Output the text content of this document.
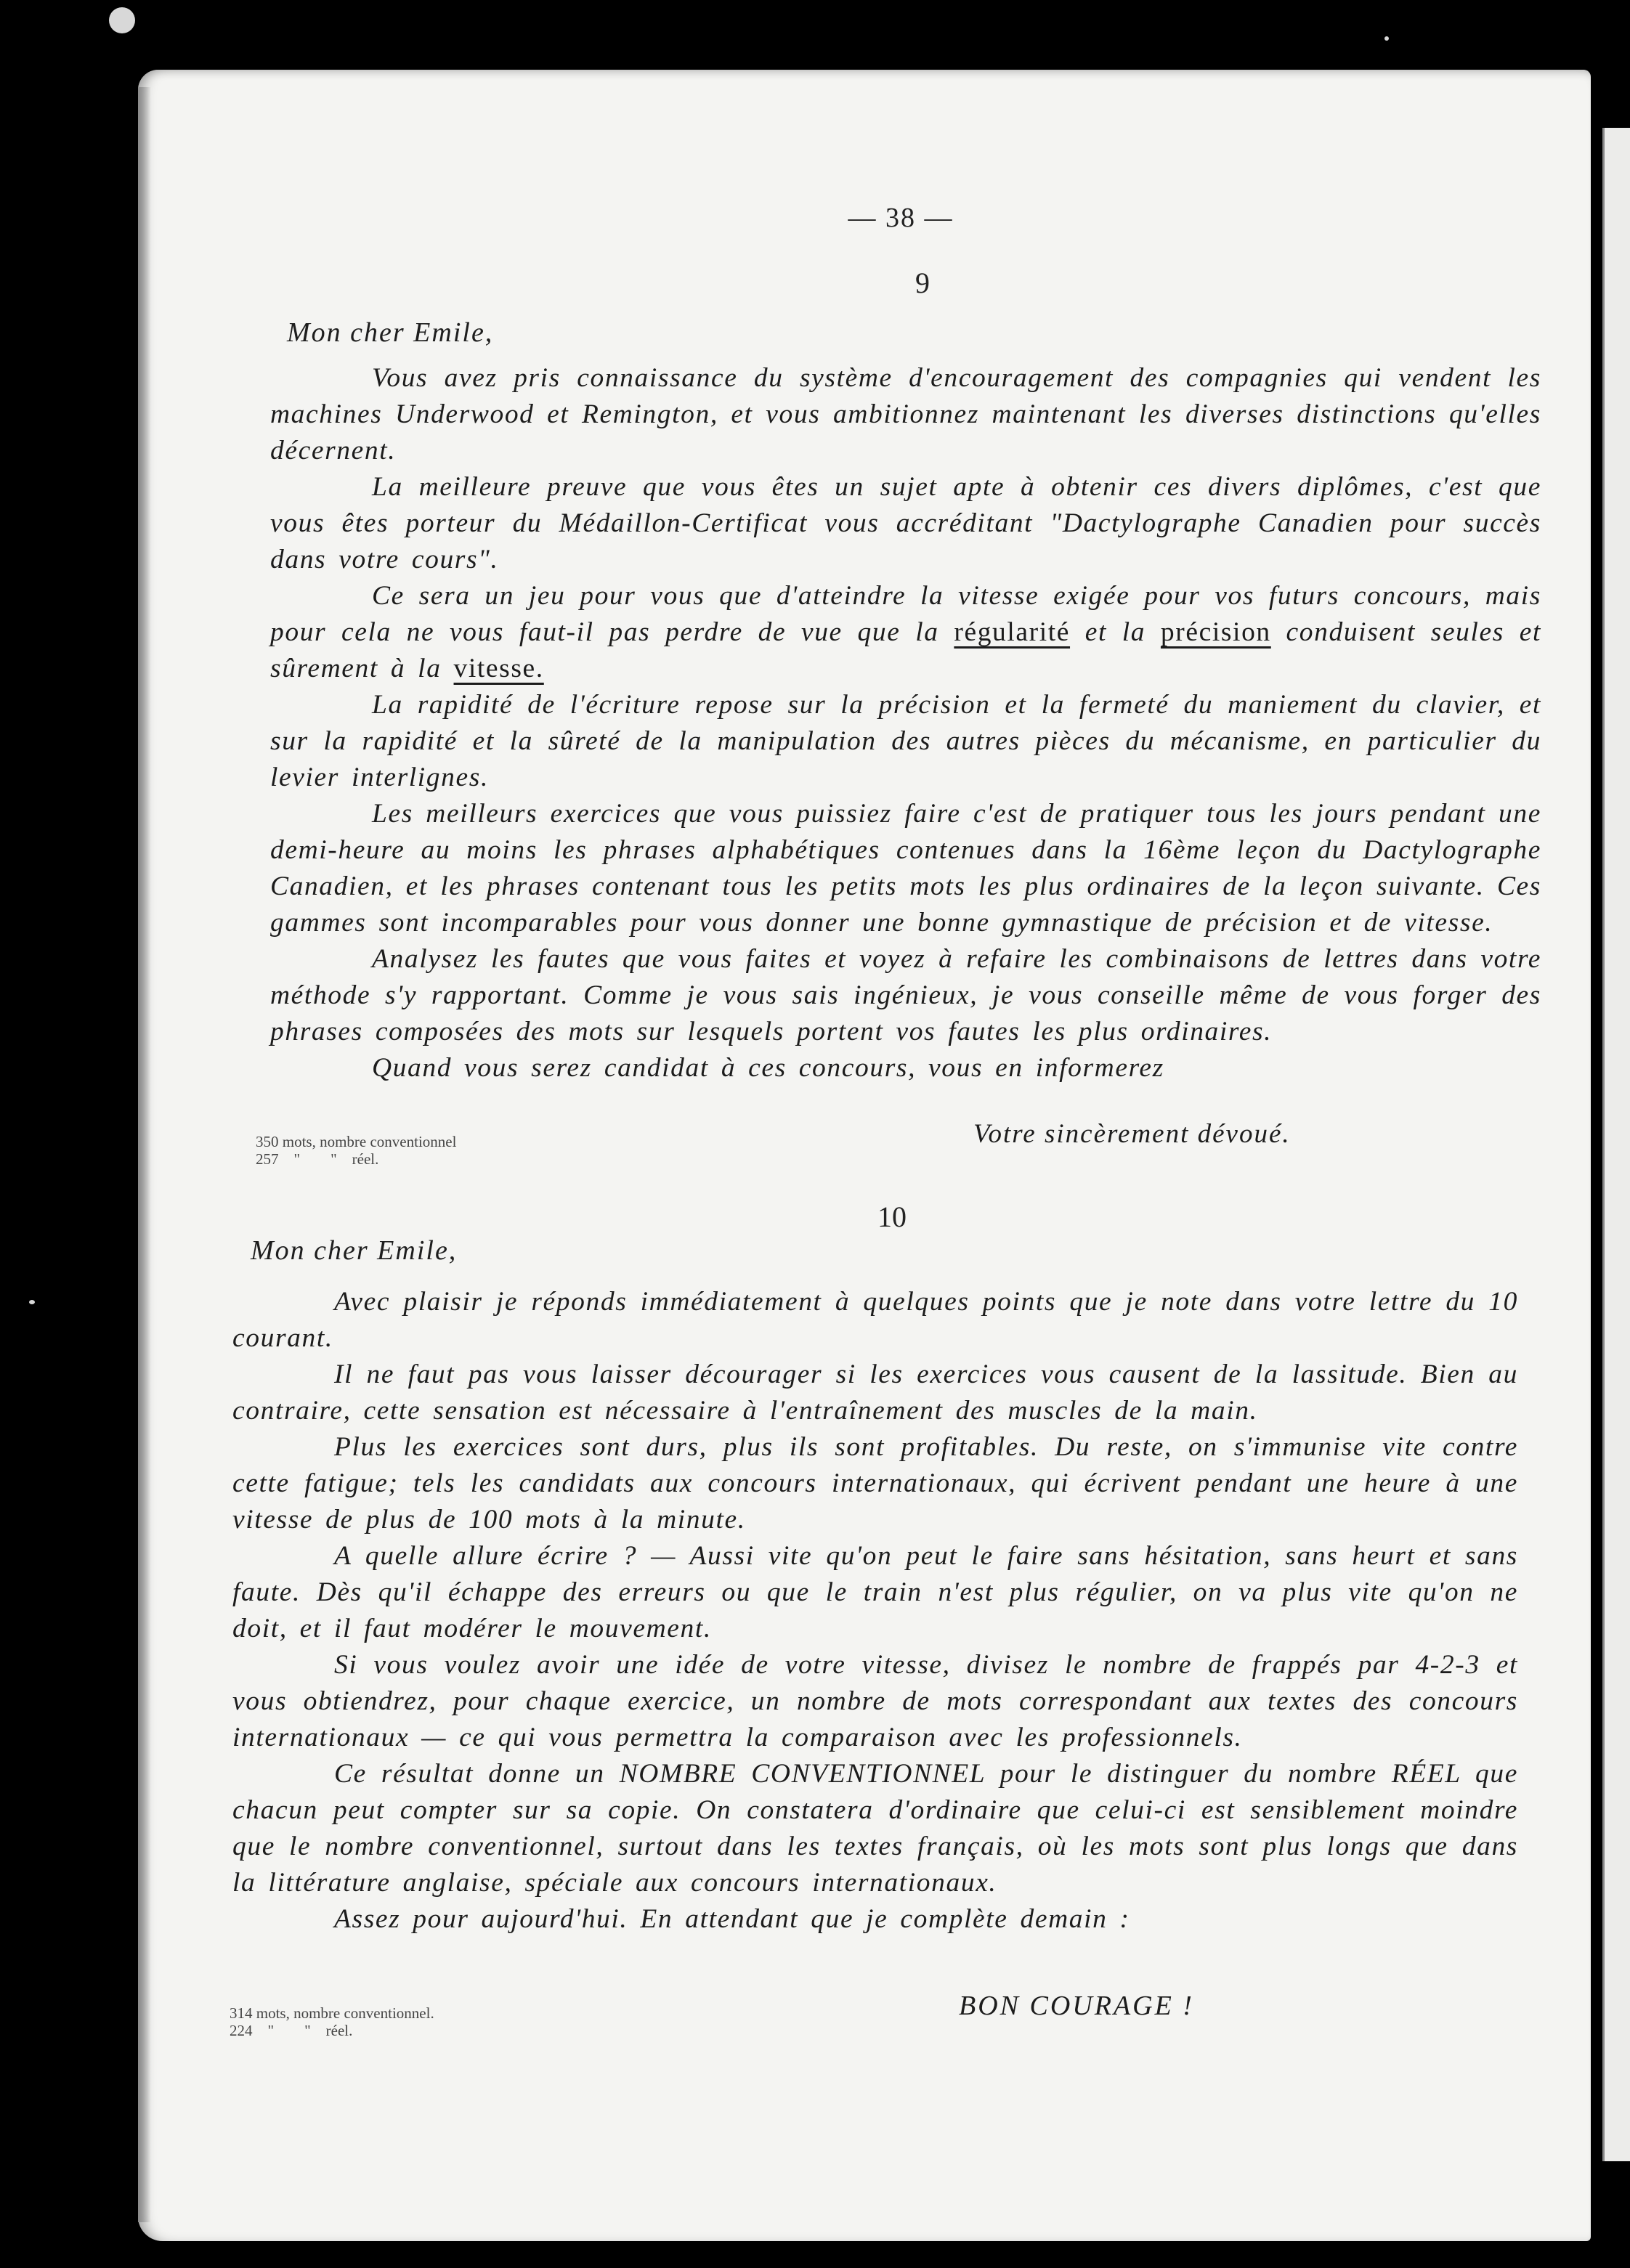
— 38 —
9
Mon cher Emile,

Vous avez pris connaissance du système d'encouragement des compagnies qui vendent les machines Underwood et Remington, et vous ambitionnez maintenant les diverses distinctions qu'elles décernent.

La meilleure preuve que vous êtes un sujet apte à obtenir ces divers diplômes, c'est que vous êtes porteur du Médaillon-Certificat vous accréditant "Dactylographe Canadien pour succès dans votre cours".

Ce sera un jeu pour vous que d'atteindre la vitesse exigée pour vos futurs concours, mais pour cela ne vous faut-il pas perdre de vue que la régularité et la précision conduisent seules et sûrement à la vitesse.

La rapidité de l'écriture repose sur la précision et la fermeté du maniement du clavier, et sur la rapidité et la sûreté de la manipulation des autres pièces du mécanisme, en particulier du levier interlignes.

Les meilleurs exercices que vous puissiez faire c'est de pratiquer tous les jours pendant une demi-heure au moins les phrases alphabétiques contenues dans la 16ème leçon du Dactylographe Canadien, et les phrases contenant tous les petits mots les plus ordinaires de la leçon suivante. Ces gammes sont incomparables pour vous donner une bonne gymnastique de précision et de vitesse.

Analysez les fautes que vous faites et voyez à refaire les combinaisons de lettres dans votre méthode s'y rapportant. Comme je vous sais ingénieux, je vous conseille même de vous forger des phrases composées des mots sur lesquels portent vos fautes les plus ordinaires.

Quand vous serez candidat à ces concours, vous en informerez

Votre sincèrement dévoué.
350 mots, nombre conventionnel
257    "        "    réel.
10
Mon cher Emile,

Avec plaisir je réponds immédiatement à quelques points que je note dans votre lettre du 10 courant.

Il ne faut pas vous laisser décourager si les exercices vous causent de la lassitude. Bien au contraire, cette sensation est nécessaire à l'entraînement des muscles de la main.

Plus les exercices sont durs, plus ils sont profitables. Du reste, on s'immunise vite contre cette fatigue; tels les candidats aux concours internationaux, qui écrivent pendant une heure à une vitesse de plus de 100 mots à la minute.

A quelle allure écrire ? — Aussi vite qu'on peut le faire sans hésitation, sans heurt et sans faute. Dès qu'il échappe des erreurs ou que le train n'est plus régulier, on va plus vite qu'on ne doit, et il faut modérer le mouvement.

Si vous voulez avoir une idée de votre vitesse, divisez le nombre de frappés par 4-2-3 et vous obtiendrez, pour chaque exercice, un nombre de mots correspondant aux textes des concours internationaux — ce qui vous permettra la comparaison avec les professionnels.

Ce résultat donne un NOMBRE CONVENTIONNEL pour le distinguer du nombre RÉEL que chacun peut compter sur sa copie. On constatera d'ordinaire que celui-ci est sensiblement moindre que le nombre conventionnel, surtout dans les textes français, où les mots sont plus longs que dans la littérature anglaise, spéciale aux concours internationaux.

Assez pour aujourd'hui. En attendant que je complète demain :

BON COURAGE !
314 mots, nombre conventionnel.
224    "        "    réel.
